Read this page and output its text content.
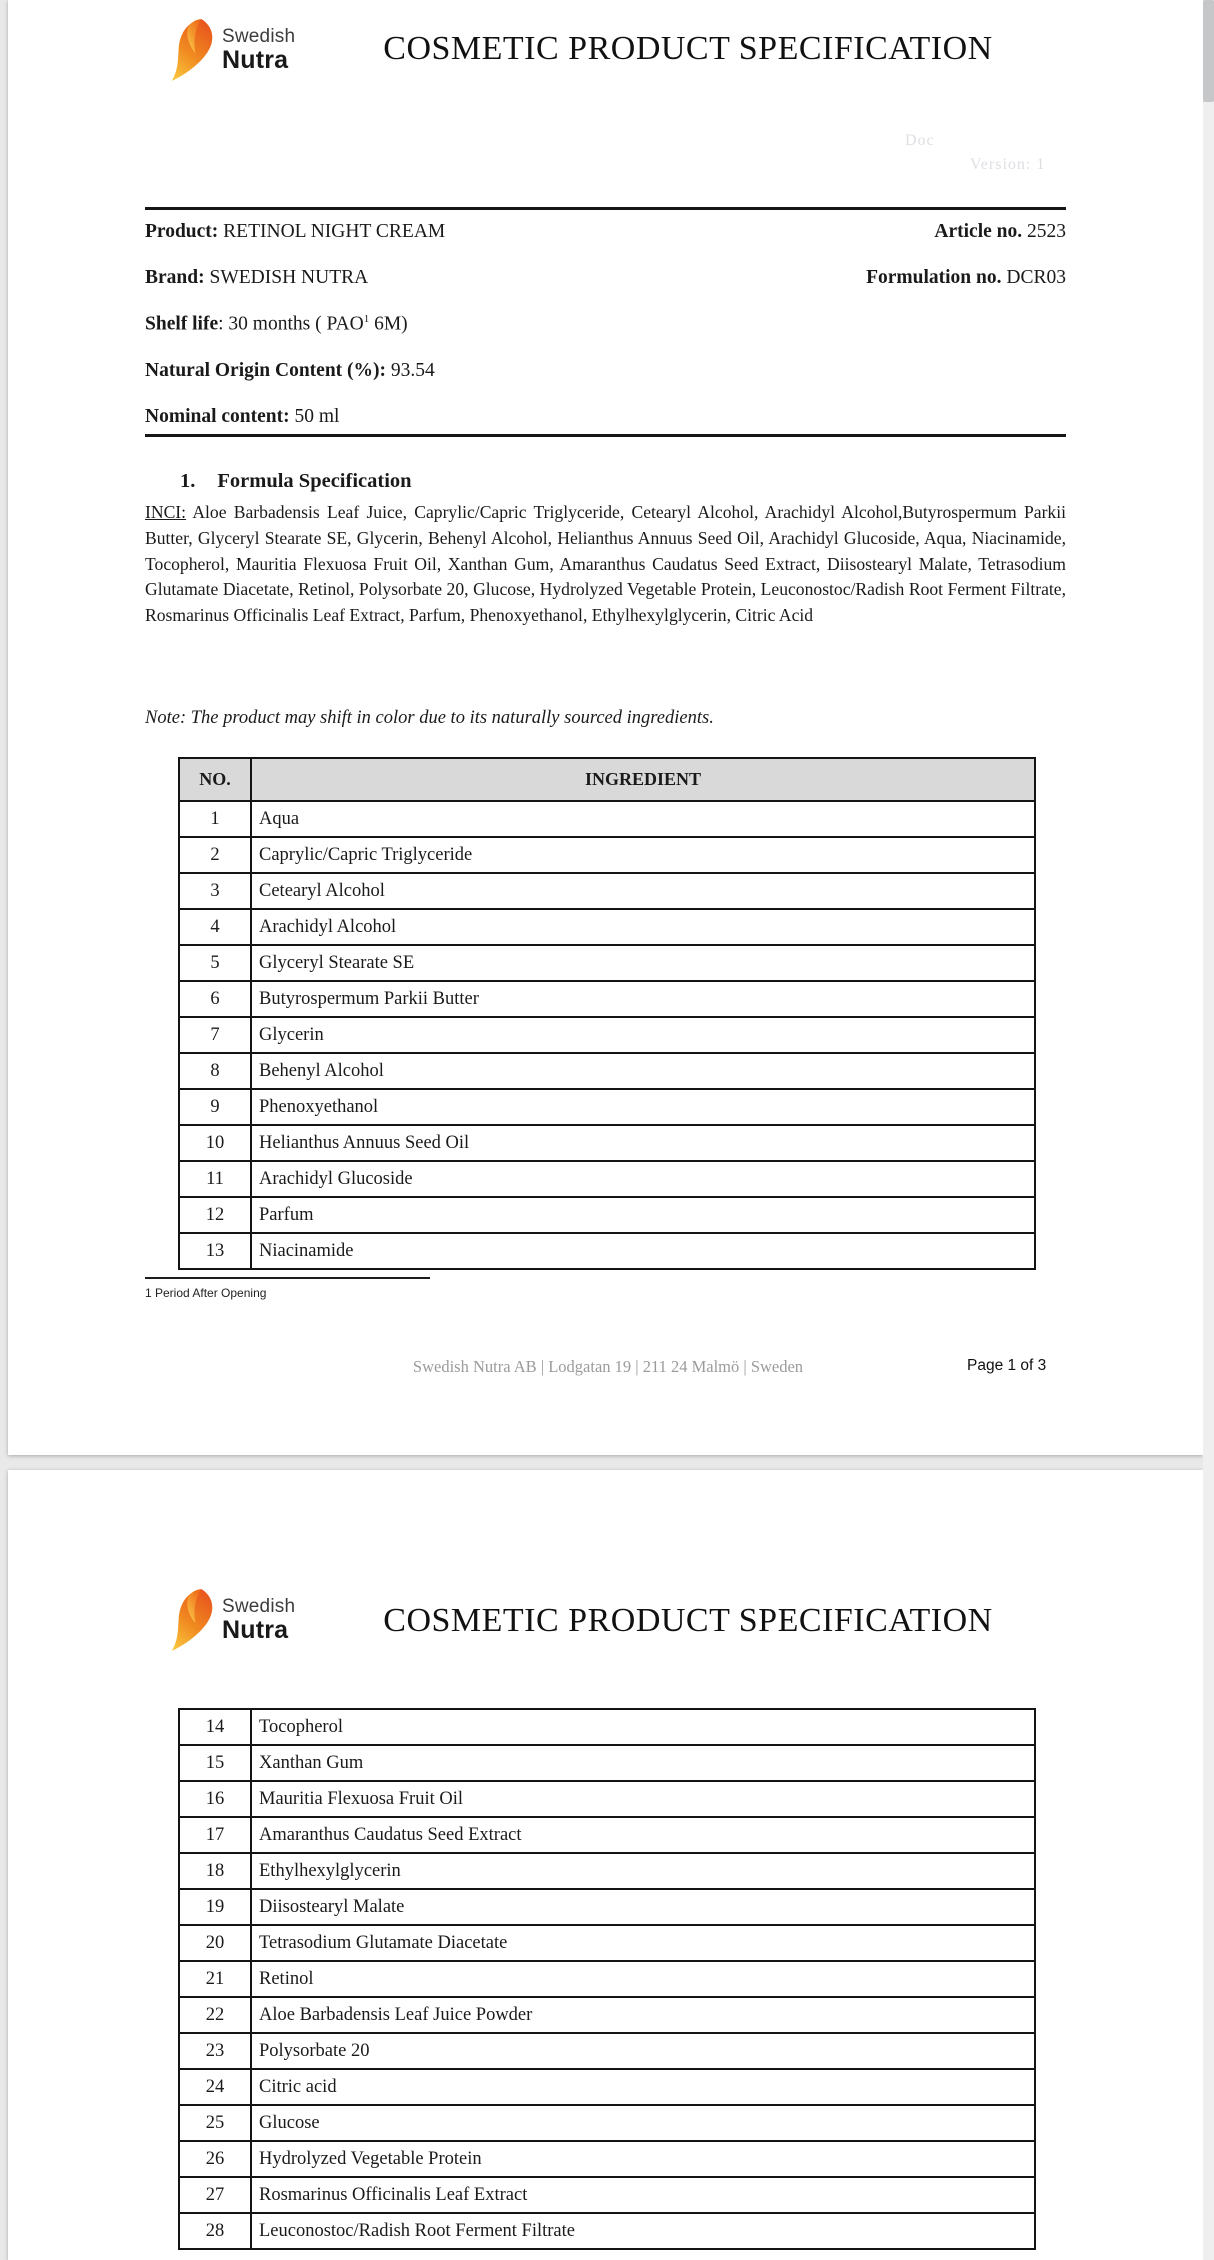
Swedish
Nutra	COSMETIC PRODUCT SPECIFICATION
Doc
Version: 1
Product: RETINOL NIGHT CREAM	Article no. 2523
Brand: SWEDISH NUTRA	Formulation no. DCR03
Shelf life: 30 months ( PAO$^1$ 6M)
Natural Origin Content (%): 93.54
Nominal content: 50 ml
1. Formula Specification
INCI: Aloe Barbadensis Leaf Juice, Caprylic/Capric Triglyceride, Cetearyl Alcohol, Arachidyl Alcohol,Butyrospermum Parkii Butter, Glyceryl Stearate SE, Glycerin, Behenyl Alcohol, Helianthus Annuus Seed Oil, Arachidyl Glucoside, Aqua, Niacinamide, Tocopherol, Mauritia Flexuosa Fruit Oil, Xanthan Gum, Amaranthus Caudatus Seed Extract, Diisostearyl Malate, Tetrasodium Glutamate Diacetate, Retinol, Polysorbate 20, Glucose, Hydrolyzed Vegetable Protein, Leuconostoc/Radish Root Ferment Filtrate, Rosmarinus Officinalis Leaf Extract, Parfum, Phenoxyethanol, Ethylhexylglycerin, Citric Acid
Note: The product may shift in color due to its naturally sourced ingredients.
NO.	INGREDIENT
1	Aqua
2	Caprylic/Capric Triglyceride
3	Cetearyl Alcohol
4	Arachidyl Alcohol
5	Glyceryl Stearate SE
6	Butyrospermum Parkii Butter
7	Glycerin
8	Behenyl Alcohol
9	Phenoxyethanol
10	Helianthus Annuus Seed Oil
11	Arachidyl Glucoside
12	Parfum
13	Niacinamide
1 Period After Opening
Swedish Nutra AB | Lodgatan 19 | 211 24 Malmö | Sweden	Page 1 of 3
Swedish
Nutra	COSMETIC PRODUCT SPECIFICATION
14	Tocopherol
15	Xanthan Gum
16	Mauritia Flexuosa Fruit Oil
17	Amaranthus Caudatus Seed Extract
18	Ethylhexylglycerin
19	Diisostearyl Malate
20	Tetrasodium Glutamate Diacetate
21	Retinol
22	Aloe Barbadensis Leaf Juice Powder
23	Polysorbate 20
24	Citric acid
25	Glucose
26	Hydrolyzed Vegetable Protein
27	Rosmarinus Officinalis Leaf Extract
28	Leuconostoc/Radish Root Ferment Filtrate
